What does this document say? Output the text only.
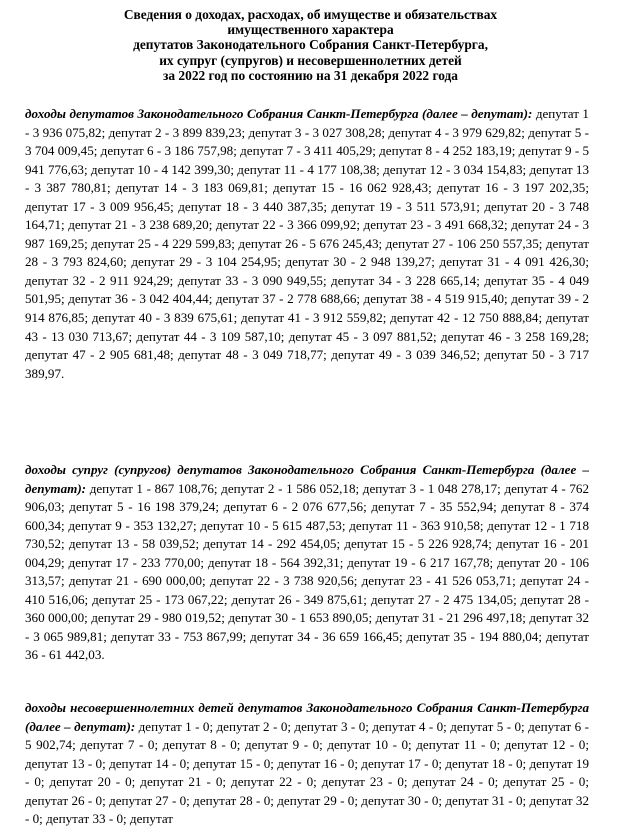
Сведения о доходах, расходах, об имуществе и обязательствах
имущественного характера
депутатов Законодательного Собрания Санкт-Петербурга,
их супруг (супругов) и несовершеннолетних детей
за 2022 год по состоянию на 31 декабря 2022 года
доходы депутатов Законодательного Собрания Санкт-Петербурга (далее – депутат): депутат 1 - 3 936 075,82; депутат 2 - 3 899 839,23; депутат 3 - 3 027 308,28; депутат 4 - 3 979 629,82; депутат 5 - 3 704 009,45; депутат 6 - 3 186 757,98; депутат 7 - 3 411 405,29; депутат 8 - 4 252 183,19; депутат 9 - 5 941 776,63; депутат 10 - 4 142 399,30; депутат 11 - 4 177 108,38; депутат 12 - 3 034 154,83; депутат 13 - 3 387 780,81; депутат 14 - 3 183 069,81; депутат 15 - 16 062 928,43; депутат 16 - 3 197 202,35; депутат 17 - 3 009 956,45; депутат 18 - 3 440 387,35; депутат 19 - 3 511 573,91; депутат 20 - 3 748 164,71; депутат 21 - 3 238 689,20; депутат 22 - 3 366 099,92; депутат 23 - 3 491 668,32; депутат 24 - 3 987 169,25; депутат 25 - 4 229 599,83; депутат 26 - 5 676 245,43; депутат 27 - 106 250 557,35; депутат 28 - 3 793 824,60; депутат 29 - 3 104 254,95; депутат 30 - 2 948 139,27; депутат 31 - 4 091 426,30; депутат 32 - 2 911 924,29; депутат 33 - 3 090 949,55; депутат 34 - 3 228 665,14; депутат 35 - 4 049 501,95; депутат 36 - 3 042 404,44; депутат 37 - 2 778 688,66; депутат 38 - 4 519 915,40; депутат 39 - 2 914 876,85; депутат 40 - 3 839 675,61; депутат 41 - 3 912 559,82; депутат 42 - 12 750 888,84; депутат 43 - 13 030 713,67; депутат 44 - 3 109 587,10; депутат 45 - 3 097 881,52; депутат 46 - 3 258 169,28; депутат 47 - 2 905 681,48; депутат 48 - 3 049 718,77; депутат 49 - 3 039 346,52; депутат 50 - 3 717 389,97.
доходы супруг (супругов) депутатов Законодательного Собрания Санкт-Петербурга (далее – депутат): депутат 1 - 867 108,76; депутат 2 - 1 586 052,18; депутат 3 - 1 048 278,17; депутат 4 - 762 906,03; депутат 5 - 16 198 379,24; депутат 6 - 2 076 677,56; депутат 7 - 35 552,94; депутат 8 - 374 600,34; депутат 9 - 353 132,27; депутат 10 - 5 615 487,53; депутат 11 - 363 910,58; депутат 12 - 1 718 730,52; депутат 13 - 58 039,52; депутат 14 - 292 454,05; депутат 15 - 5 226 928,74; депутат 16 - 201 004,29; депутат 17 - 233 770,00; депутат 18 - 564 392,31; депутат 19 - 6 217 167,78; депутат 20 - 106 313,57; депутат 21 - 690 000,00; депутат 22 - 3 738 920,56; депутат 23 - 41 526 053,71; депутат 24 - 410 516,06; депутат 25 - 173 067,22; депутат 26 - 349 875,61; депутат 27 - 2 475 134,05; депутат 28 - 360 000,00; депутат 29 - 980 019,52; депутат 30 - 1 653 890,05; депутат 31 - 21 296 497,18; депутат 32 - 3 065 989,81; депутат 33 - 753 867,99; депутат 34 - 36 659 166,45; депутат 35 - 194 880,04; депутат 36 - 61 442,03.
доходы несовершеннолетних детей депутатов Законодательного Собрания Санкт-Петербурга (далее – депутат): депутат 1 - 0; депутат 2 - 0; депутат 3 - 0; депутат 4 - 0; депутат 5 - 0; депутат 6 - 5 902,74; депутат 7 - 0; депутат 8 - 0; депутат 9 - 0; депутат 10 - 0; депутат 11 - 0; депутат 12 - 0; депутат 13 - 0; депутат 14 - 0; депутат 15 - 0; депутат 16 - 0; депутат 17 - 0; депутат 18 - 0; депутат 19 - 0; депутат 20 - 0; депутат 21 - 0; депутат 22 - 0; депутат 23 - 0; депутат 24 - 0; депутат 25 - 0; депутат 26 - 0; депутат 27 - 0; депутат 28 - 0; депутат 29 - 0; депутат 30 - 0; депутат 31 - 0; депутат 32 - 0; депутат 33 - 0; депутат
